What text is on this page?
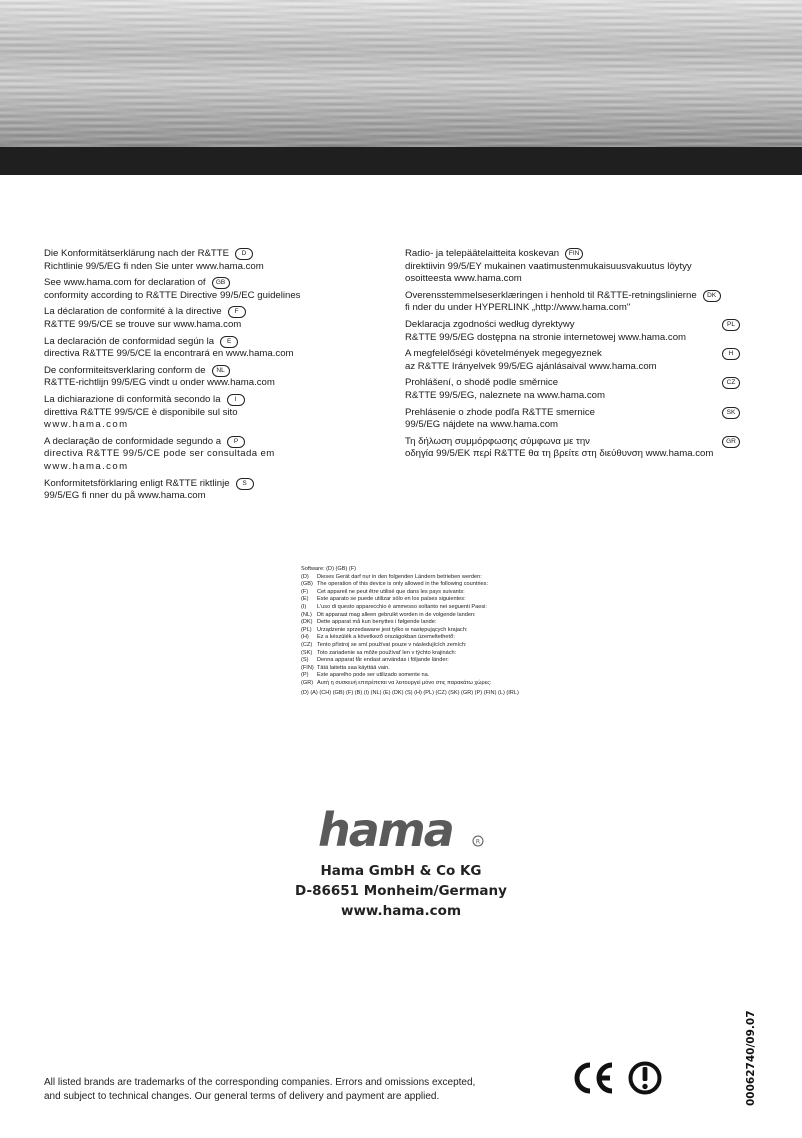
Die Konformitätserklärung nach der R&TTE D
Richtlinie 99/5/EG fi nden Sie unter www.hama.com
See www.hama.com for declaration of GB
conformity according to R&TTE Directive 99/5/EC guidelines
La déclaration de conformité à la directive F
R&TTE 99/5/CE se trouve sur www.hama.com
La declaración de conformidad según la E
directiva R&TTE 99/5/CE la encontrará en www.hama.com
De conformiteitsverklaring conform de NL
R&TTE-richtlijn 99/5/EG vindt u onder www.hama.com
La dichiarazione di conformità secondo la I
direttiva R&TTE 99/5/CE è disponibile sul sito
www.hama.com
A declaração de conformidade segundo a P
directiva R&TTE 99/5/CE pode ser consultada em
www.hama.com
Konformitetsförklaring enligt R&TTE riktlinje S
99/5/EG fi nner du på www.hama.com
Radio- ja telepäätelaitteita koskevan FIN
direktiivin 99/5/EY mukainen vaatimustenmukaisuusvakuutus löytyy
osoitteesta www.hama.com
Overensstemmelseserklæringen i henhold til R&TTE-retningslinierne DK
fi nder du under HYPERLINK „http://www.hama.com"
Deklaracja zgodności według dyrektywy	PL
R&TTE 99/5/EG dostępna na stronie internetowej www.hama.com
A megfelelőségi követelmények megegyeznek	H
az R&TTE Irányelvek 99/5/EG ajánlásaival www.hama.com
Prohlášení, o shodě podle směrnice	CZ
R&TTE 99/5/EG, naleznete na www.hama.com
Prehlásenie o zhode podľa R&TTE smernice	SK
99/5/EG nájdete na www.hama.com
Τη δήλωση συμμόρφωσης σύμφωνα με την	GR
οδηγία 99/5/ΕΚ περί R&TTE θα τη βρείτε στη διεύθυνση www.hama.com
Software: (D) (GB) (F)
(D) Dieses Gerät darf nur in den folgenden Ländern betrieben werden:
(GB) The operation of this device is only allowed in the following countries:
(F) Cet appareil ne peut être utilisé que dans les pays suivants:
(E) Este aparato se puede utilizar sólo en los países siguientes:
(I) L'uso di questo apparecchio è ammesso soltanto nei seguenti Paesi:
(NL) Dit apparaat mag alleen gebruikt worden in de volgende landen:
(DK) Dette apparat må kun benyttes i følgende lande:
(PL) Urządzenie sprzedawane jest tylko w następujących krajach:
(H) Ez a készülék a következő országokban üzemeltethető:
(CZ) Tento přístroj se smí používat pouze v následujících zemích:
(SK) Toto zariadenie sa môže používať len v týchto krajinách:
(S) Denna apparat får endast användas i följande länder:
(FIN) Tätä laitetta saa käyttää vain.
(P) Este aparelho pode ser utilizado somente na.
(GR) Αυτή η συσκευή επιτρέπεται να λειτουργεί μόνο στις παρακάτω χώρες:
(D) (A) (CH) (GB) (F) (B) (I) (NL) (E) (DK) (S) (H) (PL) (CZ) (SK) (GR) (P) (FIN) (L) (IRL)
hama	R
Hama GmbH & Co KG
D-86651 Monheim/Germany
www.hama.com
00062740/09.07
All listed brands are trademarks of the corresponding companies. Errors and omissions excepted,
and subject to technical changes. Our general terms of delivery and payment are applied.
